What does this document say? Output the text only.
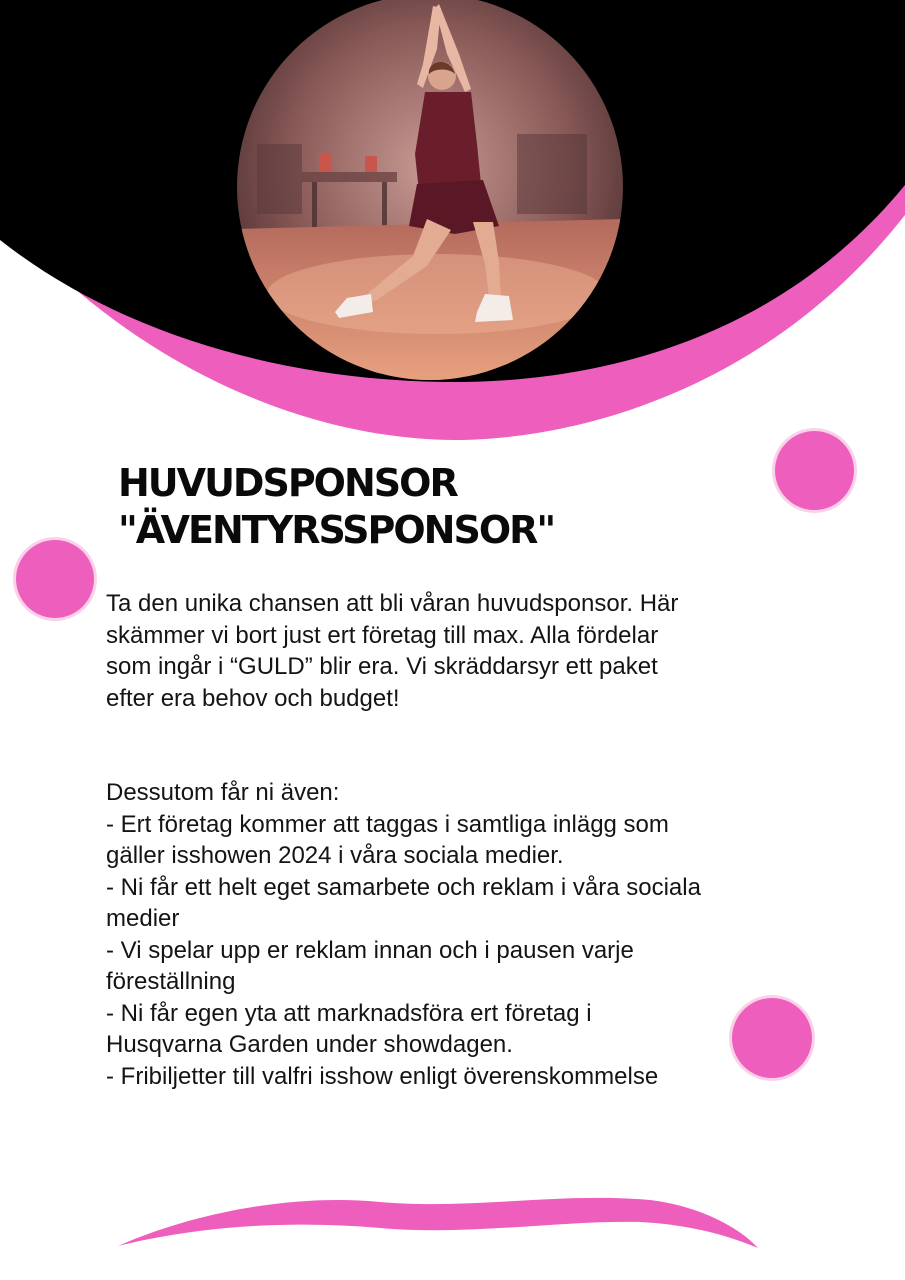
HUVUDSPONSOR
"ÄVENTYRSSPONSOR"

Ta den unika chansen att bli våran huvudsponsor. Här

skämmer vi bort just ert företag till max. Alla fördelar

som ingår i “GULD” blir era. Vi skräddarsyr ett paket

efter era behov och budget!

Dessutom får ni även:

- Ert företag kommer att taggas i samtliga inlägg som

gäller isshowen 2024 i våra sociala medier.

- Ni får ett helt eget samarbete och reklam i våra sociala

medier

- Vi spelar upp er reklam innan och i pausen varje

föreställning

- Ni får egen yta att marknadsföra ert företag i

Husqvarna Garden under showdagen.

- Fribiljetter till valfri isshow enligt överenskommelse
